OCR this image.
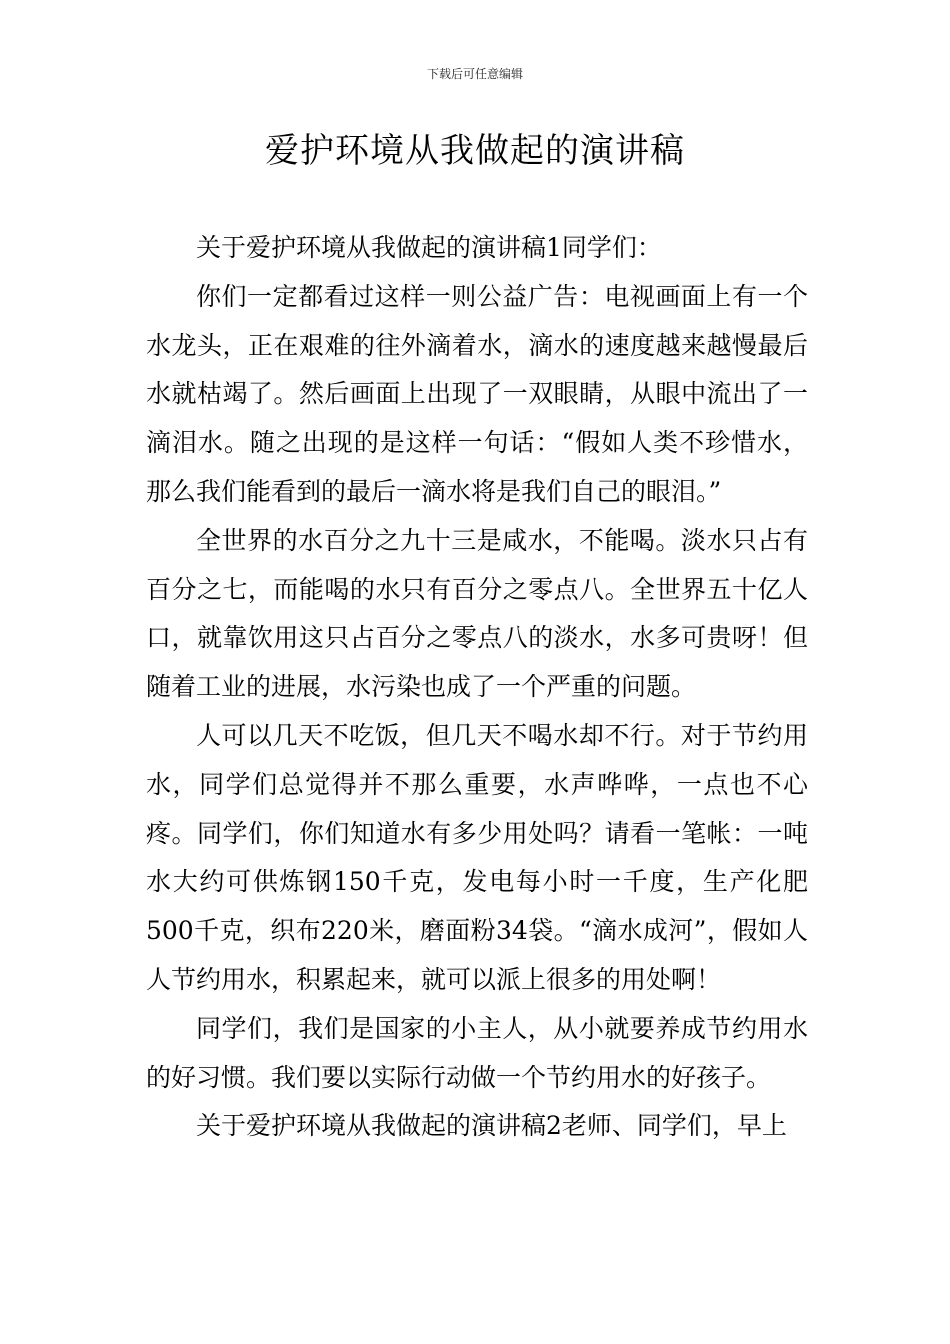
下载后可任意编辑
爱护环境从我做起的演讲稿

关于爱护环境从我做起的演讲稿1同学们：

你们一定都看过这样一则公益广告：电视画面上有一个水龙头，正在艰难的往外滴着水，滴水的速度越来越慢最后水就枯竭了。然后画面上出现了一双眼睛，从眼中流出了一滴泪水。随之出现的是这样一句话：“假如人类不珍惜水，那么我们能看到的最后一滴水将是我们自己的眼泪。”

全世界的水百分之九十三是咸水，不能喝。淡水只占有百分之七，而能喝的水只有百分之零点八。全世界五十亿人口，就靠饮用这只占百分之零点八的淡水，水多可贵呀！但随着工业的进展，水污染也成了一个严重的问题。

人可以几天不吃饭，但几天不喝水却不行。对于节约用水，同学们总觉得并不那么重要，水声哗哗，一点也不心疼。同学们，你们知道水有多少用处吗？请看一笔帐：一吨水大约可供炼钢150千克，发电每小时一千度，生产化肥500千克，织布220米，磨面粉34袋。“滴水成河”，假如人人节约用水，积累起来，就可以派上很多的用处啊！

同学们，我们是国家的小主人，从小就要养成节约用水的好习惯。我们要以实际行动做一个节约用水的好孩子。

关于爱护环境从我做起的演讲稿2老师、同学们，早上
